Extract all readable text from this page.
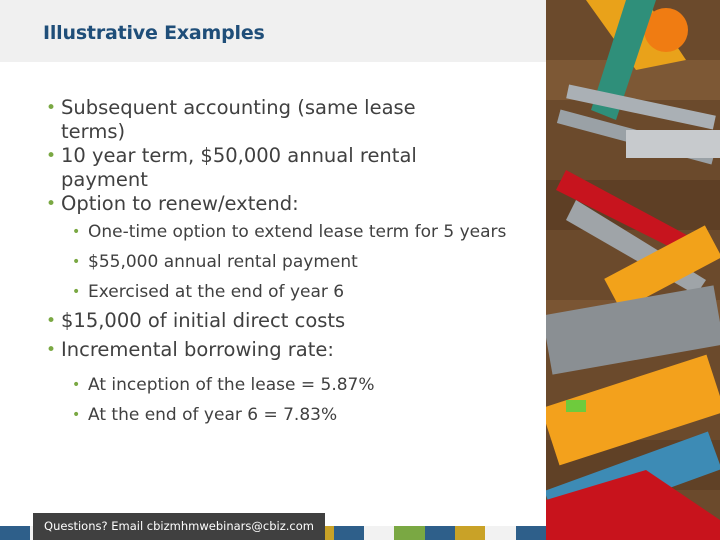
Illustrative Examples
• Subsequent accounting (same lease terms)
• 10 year term, $50,000 annual rental payment
• Option to renew/extend:
• One-time option to extend lease term for 5 years
• $55,000 annual rental payment
• Exercised at the end of year 6
• $15,000 of initial direct costs
• Incremental borrowing rate:
• At inception of the lease = 5.87%
• At the end of year 6 = 7.83%
Questions? Email cbizmhmwebinars@cbiz.com
